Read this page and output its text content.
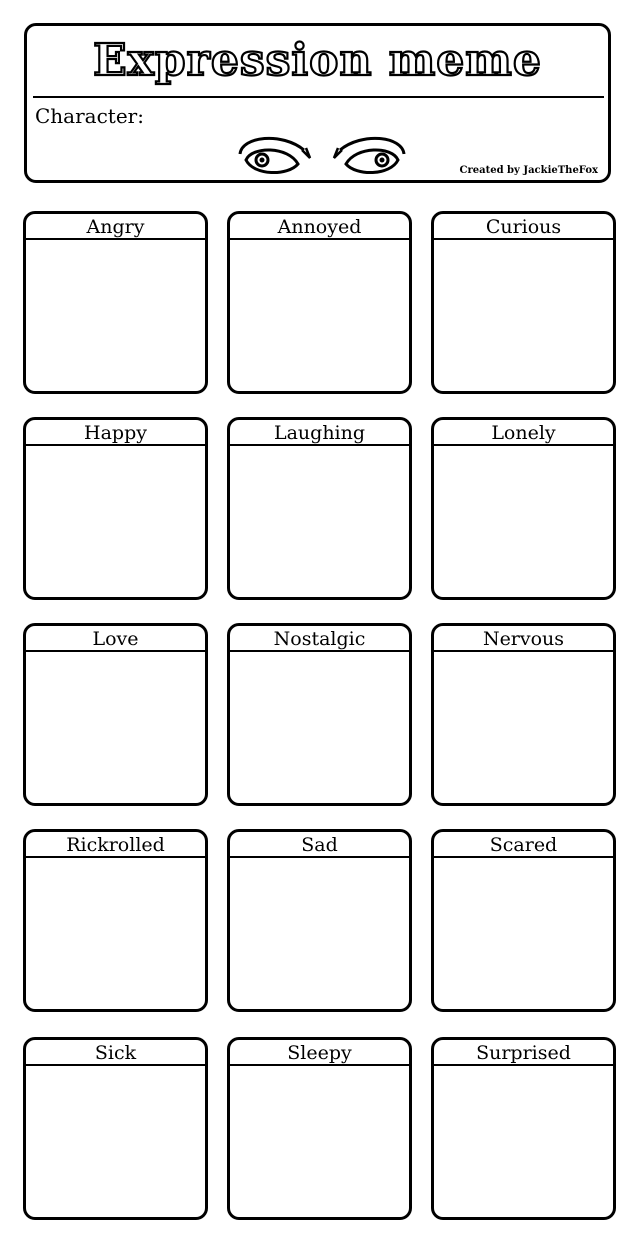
Expression meme
Character:
Created by JackieTheFox
Angry	Annoyed	Curious
Happy	Laughing	Lonely
Love	Nostalgic	Nervous
Rickrolled	Sad	Scared
Sick	Sleepy	Surprised
